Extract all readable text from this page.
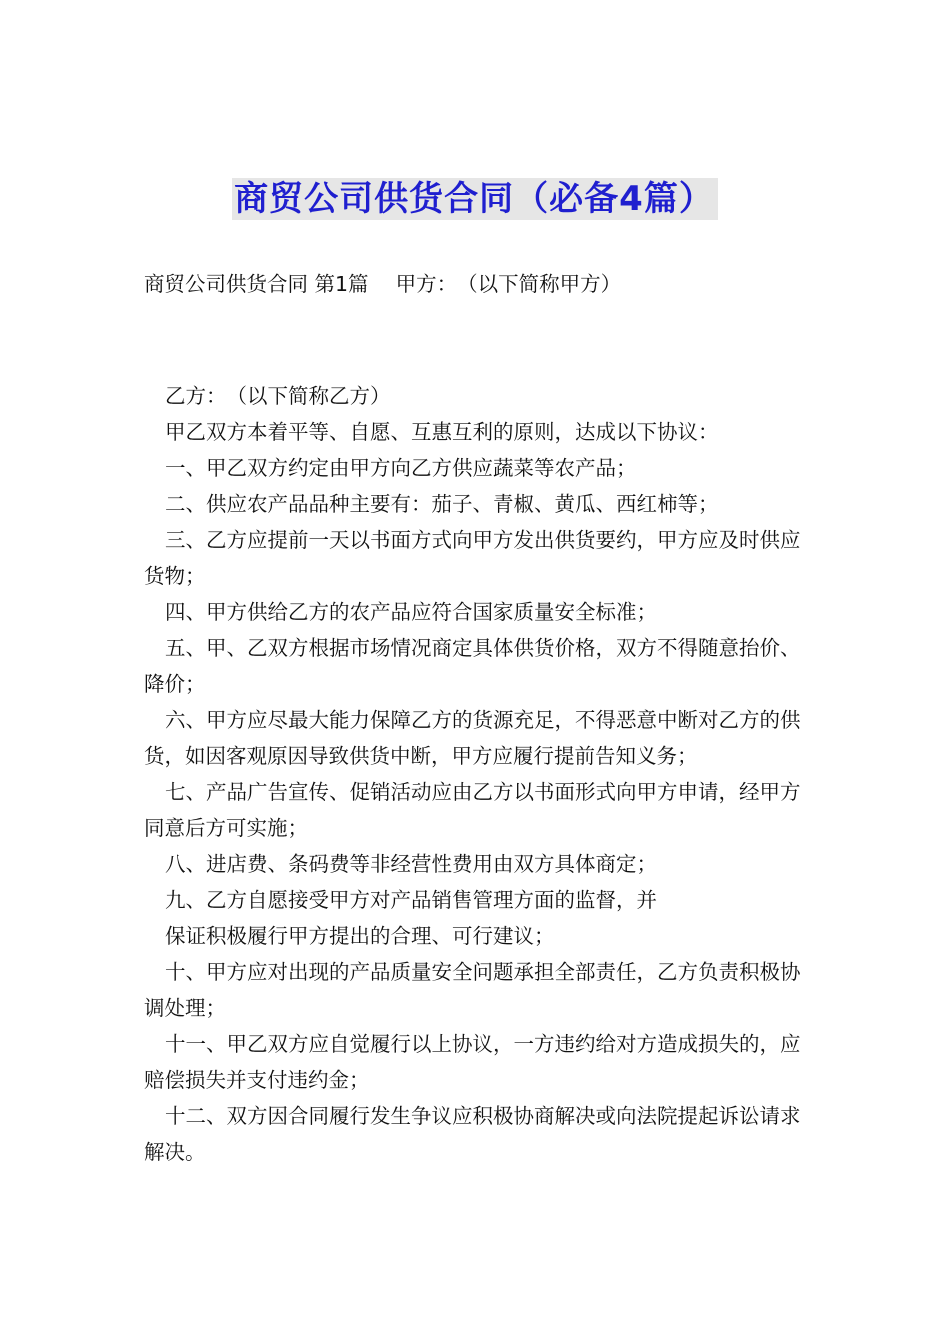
商贸公司供货合同（必备4篇）
商贸公司供货合同 第1篇　 甲方：　（以下简称甲方）

乙方：　（以下简称乙方）

甲乙双方本着平等、自愿、互惠互利的原则，达成以下协议：

一、甲乙双方约定由甲方向乙方供应蔬菜等农产品；

二、供应农产品品种主要有：茄子、青椒、黄瓜、西红柿等；

三、乙方应提前一天以书面方式向甲方发出供货要约，甲方应及时供应货物；

四、甲方供给乙方的农产品应符合国家质量安全标准；

五、甲、乙双方根据市场情况商定具体供货价格，双方不得随意抬价、降价；

六、甲方应尽最大能力保障乙方的货源充足，不得恶意中断对乙方的供货，如因客观原因导致供货中断，甲方应履行提前告知义务；

七、产品广告宣传、促销活动应由乙方以书面形式向甲方申请，经甲方同意后方可实施；

八、进店费、条码费等非经营性费用由双方具体商定；

九、乙方自愿接受甲方对产品销售管理方面的监督，并

保证积极履行甲方提出的合理、可行建议；

十、甲方应对出现的产品质量安全问题承担全部责任，乙方负责积极协调处理；

十一、甲乙双方应自觉履行以上协议，一方违约给对方造成损失的，应赔偿损失并支付违约金；

十二、双方因合同履行发生争议应积极协商解决或向法院提起诉讼请求解决。
